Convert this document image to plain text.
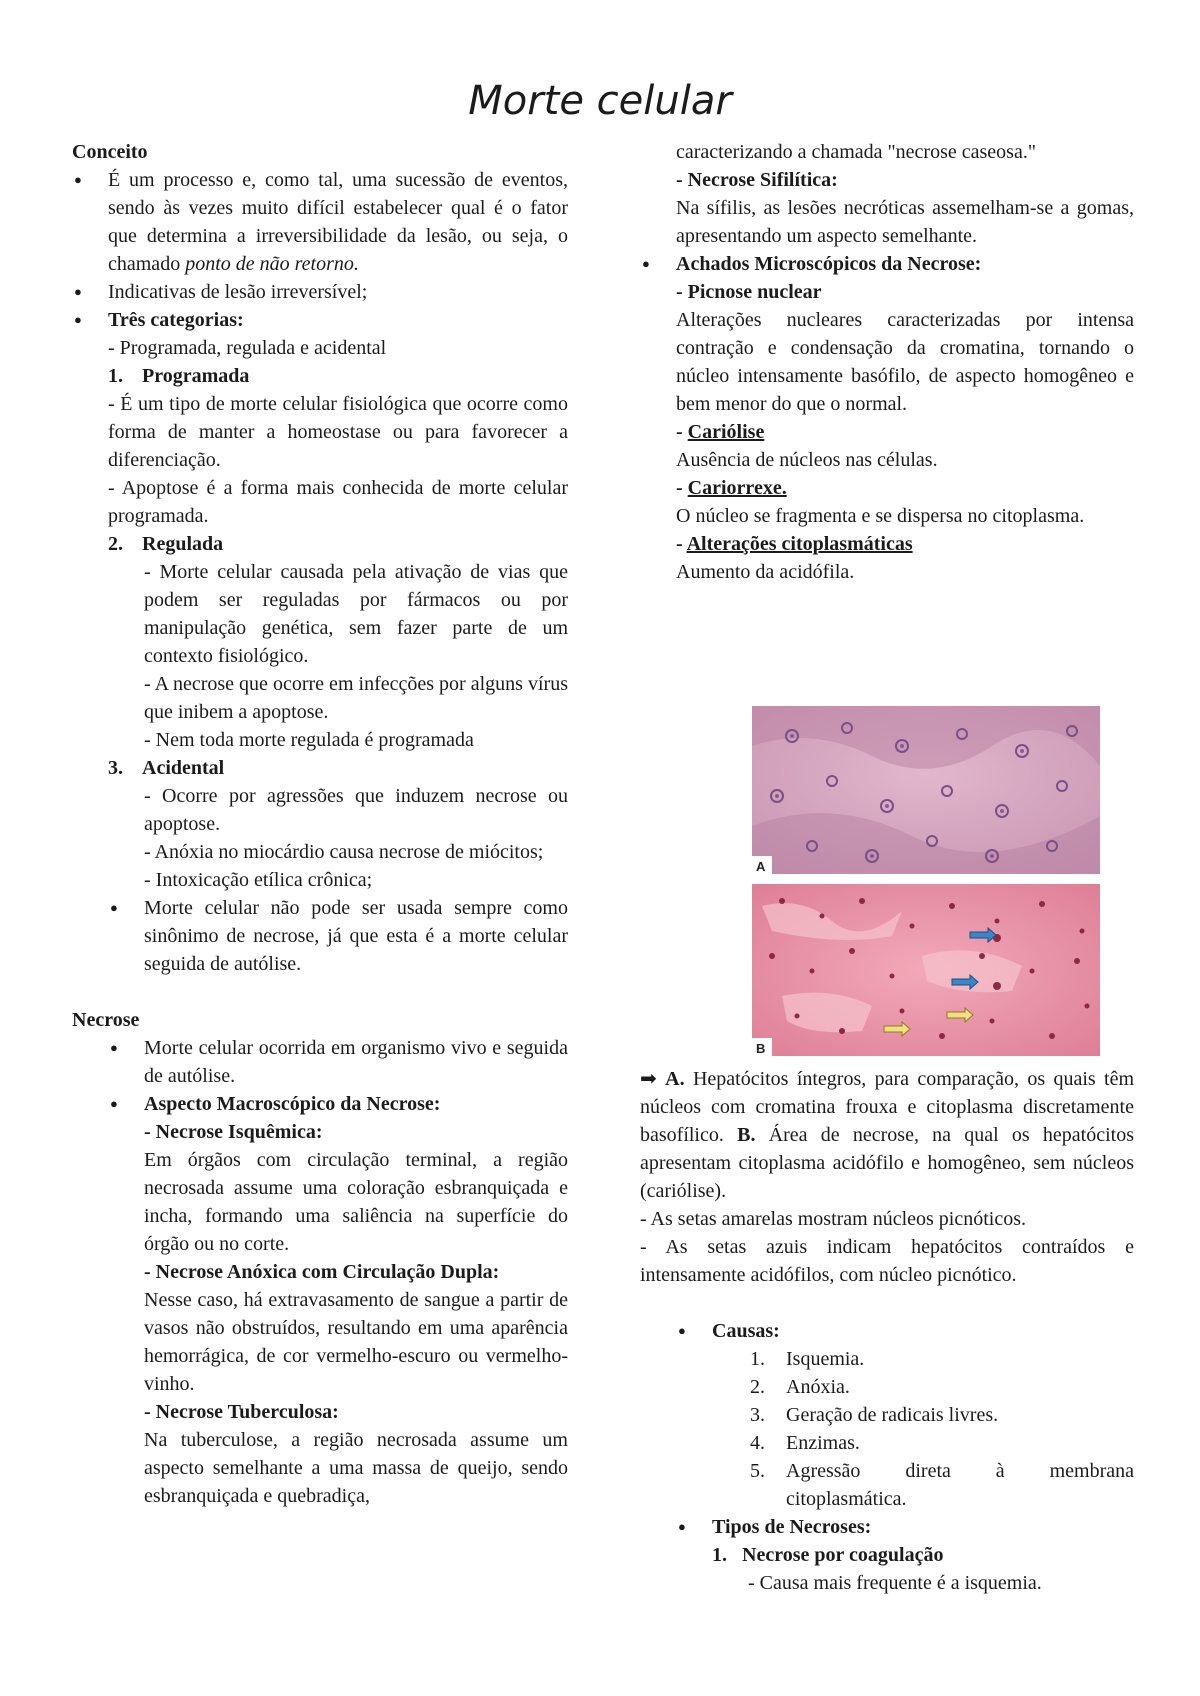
Morte celular

Conceito

● É um processo e, como tal, uma sucessão de eventos, sendo às vezes muito difícil estabelecer qual é o fator que determina a irreversibilidade da lesão, ou seja, o chamado ponto de não retorno.
● Indicativas de lesão irreversível;
● Três categorias:

- Programada, regulada e acidental

1. Programada

- É um tipo de morte celular fisiológica que ocorre como forma de manter a homeostase ou para favorecer a diferenciação.

- Apoptose é a forma mais conhecida de morte celular programada.

2. Regulada

- Morte celular causada pela ativação de vias que podem ser reguladas por fármacos ou por manipulação genética, sem fazer parte de um contexto fisiológico.

- A necrose que ocorre em infecções por alguns vírus que inibem a apoptose.

- Nem toda morte regulada é programada

3. Acidental

- Ocorre por agressões que induzem necrose ou apoptose.

- Anóxia no miocárdio causa necrose de miócitos;

- Intoxicação etílica crônica;

● Morte celular não pode ser usada sempre como sinônimo de necrose, já que esta é a morte celular seguida de autólise.

Necrose

● Morte celular ocorrida em organismo vivo e seguida de autólise.
● Aspecto Macroscópico da Necrose:

- Necrose Isquêmica:

Em órgãos com circulação terminal, a região necrosada assume uma coloração esbranquiçada e incha, formando uma saliência na superfície do órgão ou no corte.

- Necrose Anóxica com Circulação Dupla:

Nesse caso, há extravasamento de sangue a partir de vasos não obstruídos, resultando em uma aparência hemorrágica, de cor vermelho-escuro ou vermelho-vinho.

- Necrose Tuberculosa:

Na tuberculose, a região necrosada assume um aspecto semelhante a uma massa de queijo, sendo esbranquiçada e quebradiça,

caracterizando a chamada "necrose caseosa."

- Necrose Sifilítica:

Na sífilis, as lesões necróticas assemelham-se a gomas, apresentando um aspecto semelhante.

● Achados Microscópicos da Necrose:

- Picnose nuclear

Alterações nucleares caracterizadas por intensa contração e condensação da cromatina, tornando o núcleo intensamente basófilo, de aspecto homogêneo e bem menor do que o normal.

- Cariólise

Ausência de núcleos nas células.

- Cariorrexe.

O núcleo se fragmenta e se dispersa no citoplasma.

- Alterações citoplasmáticas

Aumento da acidófila.

A
B

➡ A. Hepatócitos íntegros, para comparação, os quais têm núcleos com cromatina frouxa e citoplasma discretamente basofílico. B. Área de necrose, na qual os hepatócitos apresentam citoplasma acidófilo e homogêneo, sem núcleos (cariólise).

- As setas amarelas mostram núcleos picnóticos.

- As setas azuis indicam hepatócitos contraídos e intensamente acidófilos, com núcleo picnótico.

● Causas:
1.	Isquemia.
2.	Anóxia.
3.	Geração de radicais livres.
4.	Enzimas.
5.	Agressão direta à membrana citoplasmática.
● Tipos de Necroses:
1. Necrose por coagulação

- Causa mais frequente é a isquemia.
